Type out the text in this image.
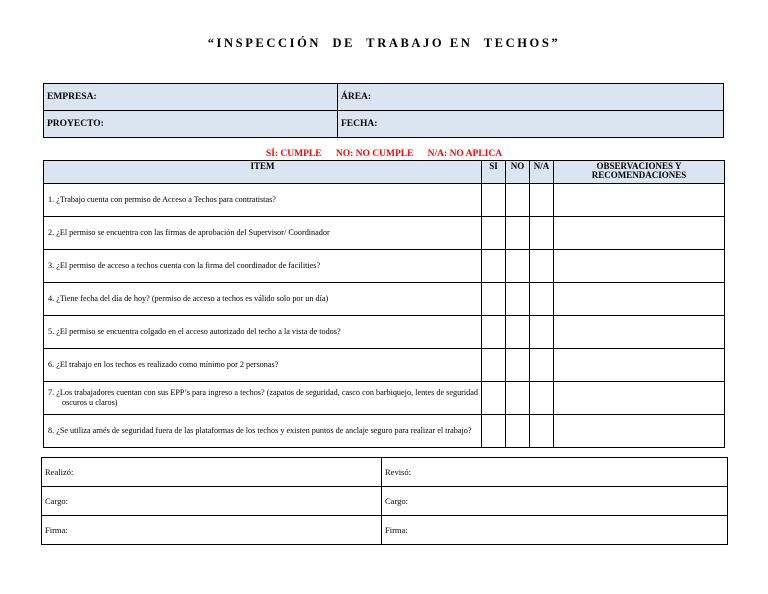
“INSPECCIÓN  DE  TRABAJO EN  TECHOS”
EMPRESA:	ÁREA:
PROYECTO:	FECHA:
SÍ: CUMPLE      NO: NO CUMPLE      N/A: NO APLICA
ITEM	SI	NO	N/A	OBSERVACIONES Y RECOMENDACIONES
1. ¿Trabajo cuenta con permiso de Acceso a Techos para contratistas?				
2. ¿El permiso se encuentra con las firmas de aprobación del Supervisor/ Coordinador				
3. ¿El permiso de acceso a techos cuenta con la firma del coordinador de facilities?				
4. ¿Tiene fecha del día de hoy? (permiso de acceso a techos es válido solo por un día)				
5. ¿El permiso se encuentra colgado en el acceso autorizado del techo a la vista de todos?				
6. ¿El trabajo en los techos es realizado como mínimo por 2 personas?				

7. ¿Los trabajadores cuentan con sus EPP’s para ingreso a techos? (zapatos de seguridad, casco con barbiquejo, lentes de seguridad oscuros u claros)				

8. ¿Se utiliza arnés de seguridad fuera de las plataformas de los techos y existen puntos de anclaje seguro para realizar el trabajo?				

Realizó:	Revisó:
Cargo:	Cargo:
Firma:	Firma:
